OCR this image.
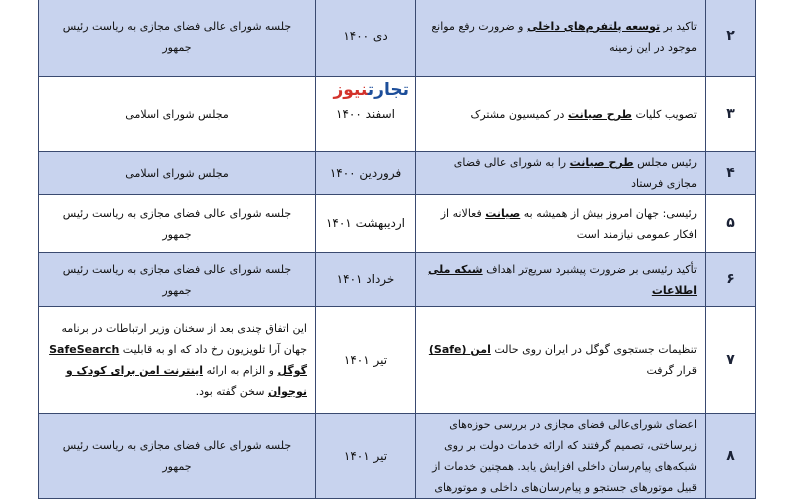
۲	تاکید بر توسعه پلتفرم‌های داخلی و ضرورت رفع موانع موجود در این زمینه	دی ۱۴۰۰	جلسه شورای عالی فضای مجازی به ریاست رئیس جمهور
۳	تصویب کلیات طرح صیانت در کمیسیون مشترک	اسفند ۱۴۰۰	مجلس شورای اسلامی
۴	رئیس مجلس طرح صیانت را به شورای عالی فضای مجازی فرستاد	فروردین ۱۴۰۰	مجلس شورای اسلامی
۵	رئیسی: جهان امروز بیش از همیشه به صیانت فعالانه از افکار عمومی نیازمند است	اردیبهشت ۱۴۰۱	جلسه شورای عالی فضای مجازی به ریاست رئیس جمهور
۶	تأکید رئیسی بر ضرورت پیشبرد سریع‌تر اهداف شبکه ملی اطلاعات	خرداد ۱۴۰۱	جلسه شورای عالی فضای مجازی به ریاست رئیس جمهور
۷	تنظیمات جستجوی گوگل در ایران روی حالت امن (Safe) قرار گرفت	تیر ۱۴۰۱	این اتفاق چندی بعد از سخنان وزیر ارتباطات در برنامه جهان آرا تلویزیون رخ داد که او به قابلیت SafeSearch گوگل و الزام به ارائه اینترنت امن برای کودک و نوجوان سخن گفته بود.
۸	اعضای شورای‌عالی فضای مجازی در بررسی حوزه‌های زیرساختی، تصمیم گرفتند که ارائه خدمات دولت بر روی شبکه‌های پیام‌رسان داخلی افزایش یابد. همچنین خدمات از قبیل موتورهای جستجو و پیام‌رسان‌های داخلی و موتورهای	تیر ۱۴۰۱	جلسه شورای عالی فضای مجازی به ریاست رئیس جمهور
تجارتنیوز
